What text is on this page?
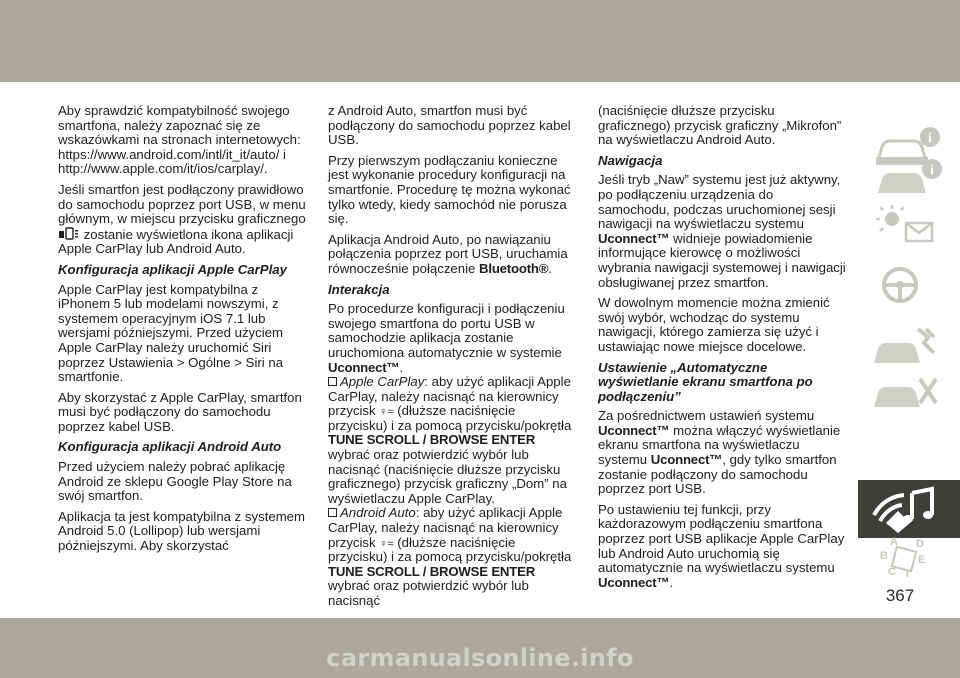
Aby sprawdzić kompatybilność swojego smartfona, należy zapoznać się ze wskazówkami na stronach internetowych: https://www.android.com/intl/it_it/auto/ i http://www.apple.com/it/ios/carplay/.

Jeśli smartfon jest podłączony prawidłowo do samochodu poprzez port USB, w menu głównym, w miejscu przycisku graficznego  zostanie wyświetlona ikona aplikacji Apple CarPlay lub Android Auto.

Konfiguracja aplikacji Apple CarPlay

Apple CarPlay jest kompatybilna z iPhonem 5 lub modelami nowszymi, z systemem operacyjnym iOS 7.1 lub wersjami późniejszymi. Przed użyciem Apple CarPlay należy uruchomić Siri poprzez Ustawienia > Ogólne > Siri na smartfonie.

Aby skorzystać z Apple CarPlay, smartfon musi być podłączony do samochodu poprzez kabel USB.

Konfiguracja aplikacji Android Auto

Przed użyciem należy pobrać aplikację Android ze sklepu Google Play Store na swój smartfon.

Aplikacja ta jest kompatybilna z systemem Android 5.0 (Lollipop) lub wersjami późniejszymi. Aby skorzystać

z Android Auto, smartfon musi być podłączony do samochodu poprzez kabel USB.

Przy pierwszym podłączaniu konieczne jest wykonanie procedury konfiguracji na smartfonie. Procedurę tę można wykonać tylko wtedy, kiedy samochód nie porusza się.

Aplikacja Android Auto, po nawiązaniu połączenia poprzez port USB, uruchamia równocześnie połączenie Bluetooth®.

Interakcja

Po procedurze konfiguracji i podłączeniu swojego smartfona do portu USB w samochodzie aplikacja zostanie uruchomiona automatycznie w systemie Uconnect™.

Apple CarPlay: aby użyć aplikacji Apple CarPlay, należy nacisnąć na kierownicy przycisk ♀≈ (dłuższe naciśnięcie przycisku) i za pomocą przycisku/pokrętła TUNE SCROLL / BROWSE ENTER wybrać oraz potwierdzić wybór lub nacisnąć (naciśnięcie dłuższe przycisku graficznego) przycisk graficzny „Dom” na wyświetlaczu Apple CarPlay.

Android Auto: aby użyć aplikacji Apple CarPlay, należy nacisnąć na kierownicy przycisk ♀≈ (dłuższe naciśnięcie przycisku) i za pomocą przycisku/pokrętła TUNE SCROLL / BROWSE ENTER wybrać oraz potwierdzić wybór lub nacisnąć

(naciśnięcie dłuższe przycisku graficznego) przycisk graficzny „Mikrofon” na wyświetlaczu Android Auto.

Nawigacja

Jeśli tryb „Naw” systemu jest już aktywny, po podłączeniu urządzenia do samochodu, podczas uruchomionej sesji nawigacji na wyświetlaczu systemu Uconnect™ widnieje powiadomienie informujące kierowcę o możliwości wybrania nawigacji systemowej i nawigacji obsługiwanej przez smartfon.

W dowolnym momencie można zmienić swój wybór, wchodząc do systemu nawigacji, którego zamierza się użyć i ustawiając nowe miejsce docelowe.

Ustawienie „Automatyczne wyświetlanie ekranu smartfona po podłączeniu”

Za pośrednictwem ustawień systemu Uconnect™ można włączyć wyświetlanie ekranu smartfona na wyświetlaczu systemu Uconnect™, gdy tylko smartfon zostanie podłączony do samochodu poprzez port USB.

Po ustawieniu tej funkcji, przy każdorazowym podłączeniu smartfona poprzez port USB aplikacje Apple CarPlay lub Android Auto uruchomią się automatycznie na wyświetlaczu systemu Uconnect™.

i
i
A
B
C
D
E
T
367
carmanualsonline.info
